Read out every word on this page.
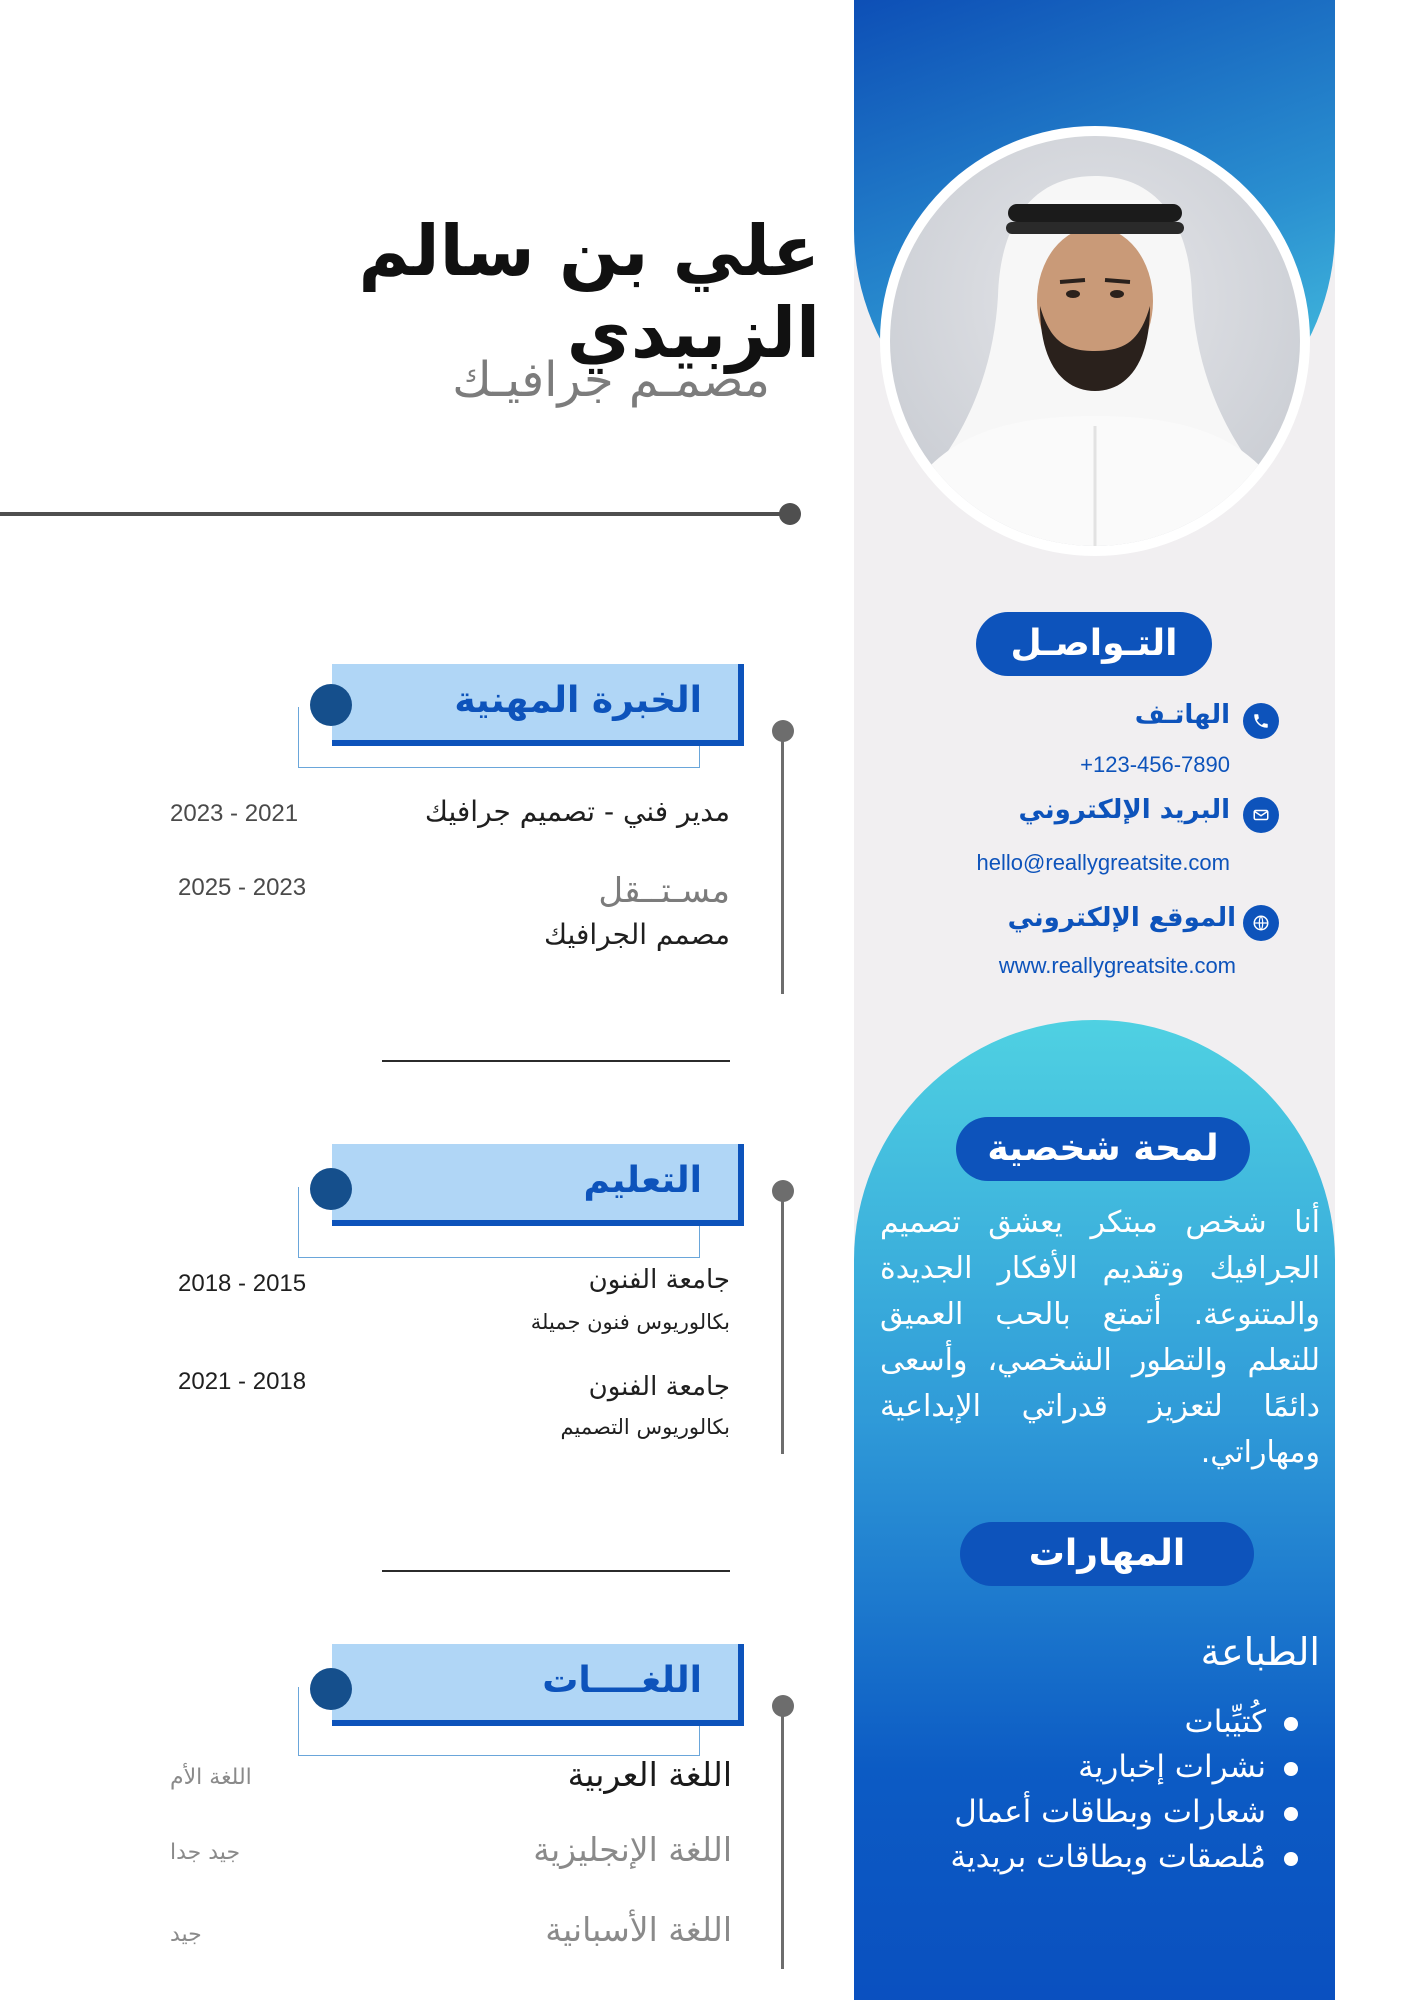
التـواصـل
الهاتـف
+123-456-7890
البريد الإلكتروني
hello@reallygreatsite.com
الموقع الإلكتروني
www.reallygreatsite.com
لمحة شخصية
أنا شخص مبتكر يعشق تصميم الجرافيك وتقديم الأفكار الجديدة والمتنوعة. أتمتع بالحب العميق للتعلم والتطور الشخصي، وأسعى دائمًا لتعزيز قدراتي الإبداعية ومهاراتي.
المهارات
الطباعة
كُتيِّبات
نشرات إخبارية
شعارات وبطاقات أعمال
مُلصقات وبطاقات بريدية
علي بن سالم الزبيدي
مصمـم جرافيـك
الخبرة المهنية
مدير فني - تصميم جرافيك
2023 - 2021
مسـتــقل
مصمم الجرافيك
2025 - 2023
التعليم
جامعة الفنون
بكالوريوس فنون جميلة
2018 - 2015
جامعة الفنون
بكالوريوس التصميم
2021 - 2018
اللغــــات
اللغة العربية
اللغة الأم
اللغة الإنجليزية
جيد جدا
اللغة الأسبانية
جيد
